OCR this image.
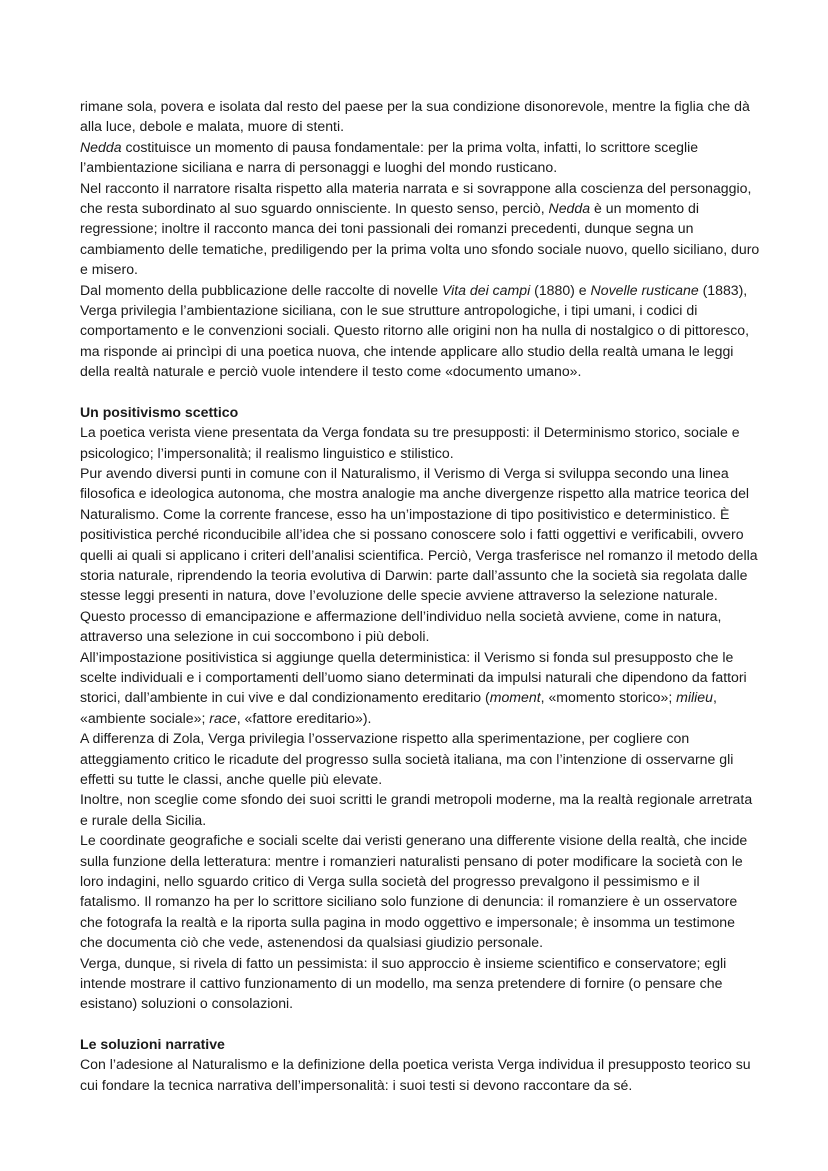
rimane sola, povera e isolata dal resto del paese per la sua condizione disonorevole, mentre la figlia che dà alla luce, debole e malata, muore di stenti.

Nedda costituisce un momento di pausa fondamentale: per la prima volta, infatti, lo scrittore sceglie l’ambientazione siciliana e narra di personaggi e luoghi del mondo rusticano.

Nel racconto il narratore risalta rispetto alla materia narrata e si sovrappone alla coscienza del personaggio, che resta subordinato al suo sguardo onnisciente. In questo senso, perciò, Nedda è un momento di regressione; inoltre il racconto manca dei toni passionali dei romanzi precedenti, dunque segna un cambiamento delle tematiche, prediligendo per la prima volta uno sfondo sociale nuovo, quello siciliano, duro e misero.

Dal momento della pubblicazione delle raccolte di novelle Vita dei campi (1880) e Novelle rusticane (1883), Verga privilegia l’ambientazione siciliana, con le sue strutture antropologiche, i tipi umani, i codici di comportamento e le convenzioni sociali. Questo ritorno alle origini non ha nulla di nostalgico o di pittoresco, ma risponde ai princìpi di una poetica nuova, che intende applicare allo studio della realtà umana le leggi della realtà naturale e perciò vuole intendere il testo come «documento umano».

Un positivismo scettico

La poetica verista viene presentata da Verga fondata su tre presupposti: il Determinismo storico, sociale e psicologico; l’impersonalità; il realismo linguistico e stilistico.

Pur avendo diversi punti in comune con il Naturalismo, il Verismo di Verga si sviluppa secondo una linea filosofica e ideologica autonoma, che mostra analogie ma anche divergenze rispetto alla matrice teorica del Naturalismo. Come la corrente francese, esso ha un’impostazione di tipo positivistico e deterministico. È positivistica perché riconducibile all’idea che si possano conoscere solo i fatti oggettivi e verificabili, ovvero quelli ai quali si applicano i criteri dell’analisi scientifica. Perciò, Verga trasferisce nel romanzo il metodo della storia naturale, riprendendo la teoria evolutiva di Darwin: parte dall’assunto che la società sia regolata dalle stesse leggi presenti in natura, dove l’evoluzione delle specie avviene attraverso la selezione naturale. Questo processo di emancipazione e affermazione dell’individuo nella società avviene, come in natura, attraverso una selezione in cui soccombono i più deboli.

All’impostazione positivistica si aggiunge quella deterministica: il Verismo si fonda sul presupposto che le scelte individuali e i comportamenti dell’uomo siano determinati da impulsi naturali che dipendono da fattori storici, dall’ambiente in cui vive e dal condizionamento ereditario (moment, «momento storico»; milieu, «ambiente sociale»; race, «fattore ereditario»).

A differenza di Zola, Verga privilegia l’osservazione rispetto alla sperimentazione, per cogliere con atteggiamento critico le ricadute del progresso sulla società italiana, ma con l’intenzione di osservarne gli effetti su tutte le classi, anche quelle più elevate.

Inoltre, non sceglie come sfondo dei suoi scritti le grandi metropoli moderne, ma la realtà regionale arretrata e rurale della Sicilia.

Le coordinate geografiche e sociali scelte dai veristi generano una differente visione della realtà, che incide sulla funzione della letteratura: mentre i romanzieri naturalisti pensano di poter modificare la società con le loro indagini, nello sguardo critico di Verga sulla società del progresso prevalgono il pessimismo e il fatalismo. Il romanzo ha per lo scrittore siciliano solo funzione di denuncia: il romanziere è un osservatore che fotografa la realtà e la riporta sulla pagina in modo oggettivo e impersonale; è insomma un testimone che documenta ciò che vede, astenendosi da qualsiasi giudizio personale.

Verga, dunque, si rivela di fatto un pessimista: il suo approccio è insieme scientifico e conservatore; egli intende mostrare il cattivo funzionamento di un modello, ma senza pretendere di fornire (o pensare che esistano) soluzioni o consolazioni.

Le soluzioni narrative

Con l’adesione al Naturalismo e la definizione della poetica verista Verga individua il presupposto teorico su cui fondare la tecnica narrativa dell’impersonalità: i suoi testi si devono raccontare da sé.
